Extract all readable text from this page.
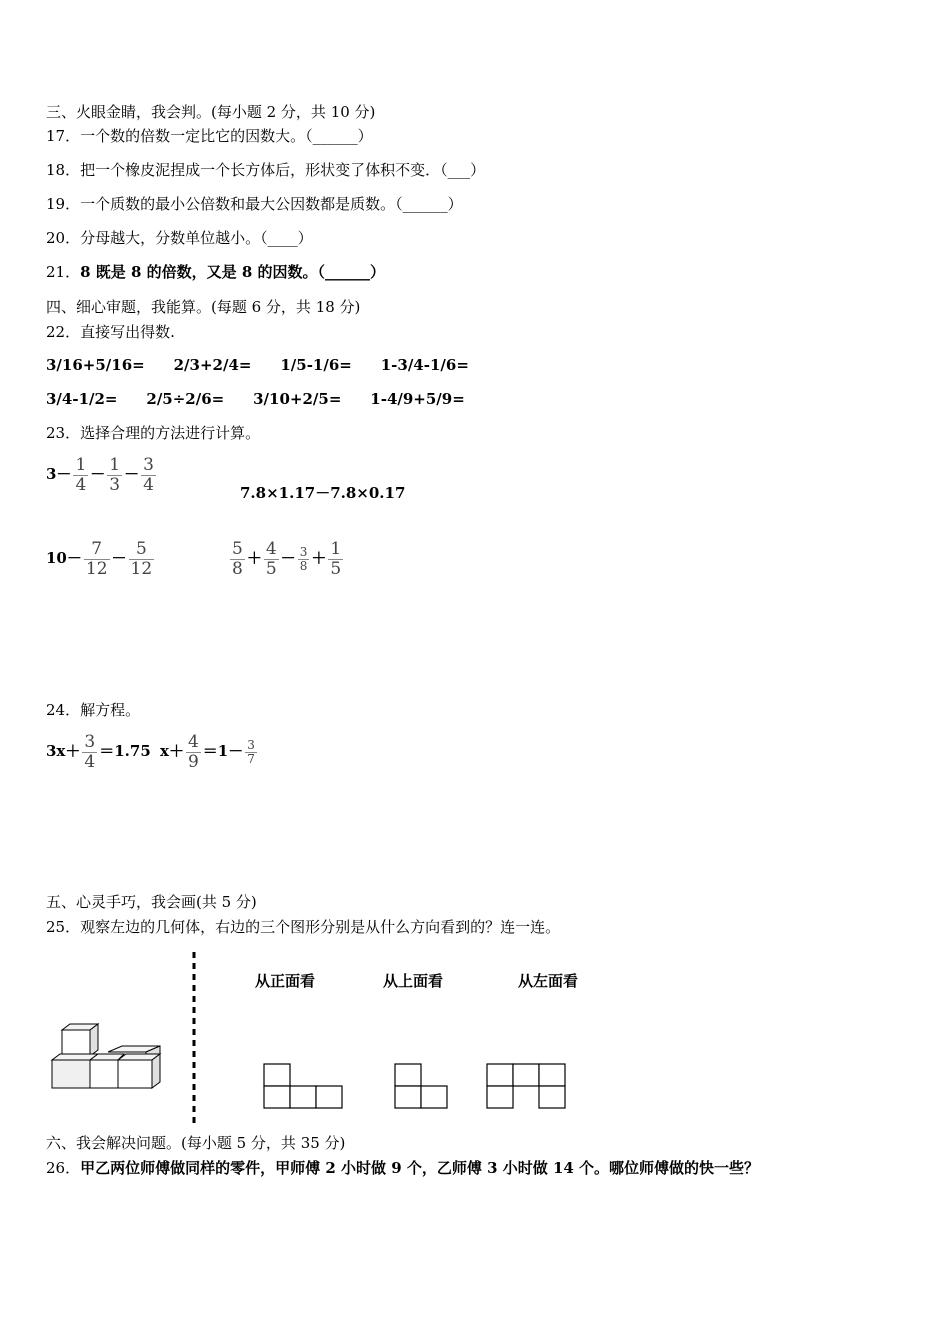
三、火眼金睛，我会判。(每小题 2 分，共 10 分)
17．一个数的倍数一定比它的因数大。（______）
18．把一个橡皮泥捏成一个长方体后，形状变了体积不变．（___）
19．一个质数的最小公倍数和最大公因数都是质数。（______）
20．分母越大，分数单位越小。（____）
21．8 既是 8 的倍数，又是 8 的因数。（______）
四、细心审题，我能算。(每题 6 分，共 18 分)
22．直接写出得数.
3/16+5/16=    2/3+2/4=    1/5-1/6=    1-3/4-1/6=
3/4-1/2=    2/5÷2/6=    3/10+2/5=    1-4/9+5/9=
23．选择合理的方法进行计算。
$3- \frac{1}{4} - \frac{1}{3} - \frac{3}{4}$	7.8×1.17－7.8×0.17
$10- \frac{7}{12} - \frac{5}{12}$	$\frac{5}{8} + \frac{4}{5} - \frac{3}{8} + \frac{1}{5}$
24．解方程。
$3x+ \frac{3}{4} =1.75$ $x+ \frac{4}{9} =1- \frac{3}{7}$
五、心灵手巧，我会画(共 5 分)
25．观察左边的几何体，右边的三个图形分别是从什么方向看到的？连一连。
从正面看	从上面看	从左面看
六、我会解决问题。(每小题 5 分，共 35 分)
26．甲乙两位师傅做同样的零件，甲师傅 2 小时做 9 个，乙师傅 3 小时做 14 个。哪位师傅做的快一些？
